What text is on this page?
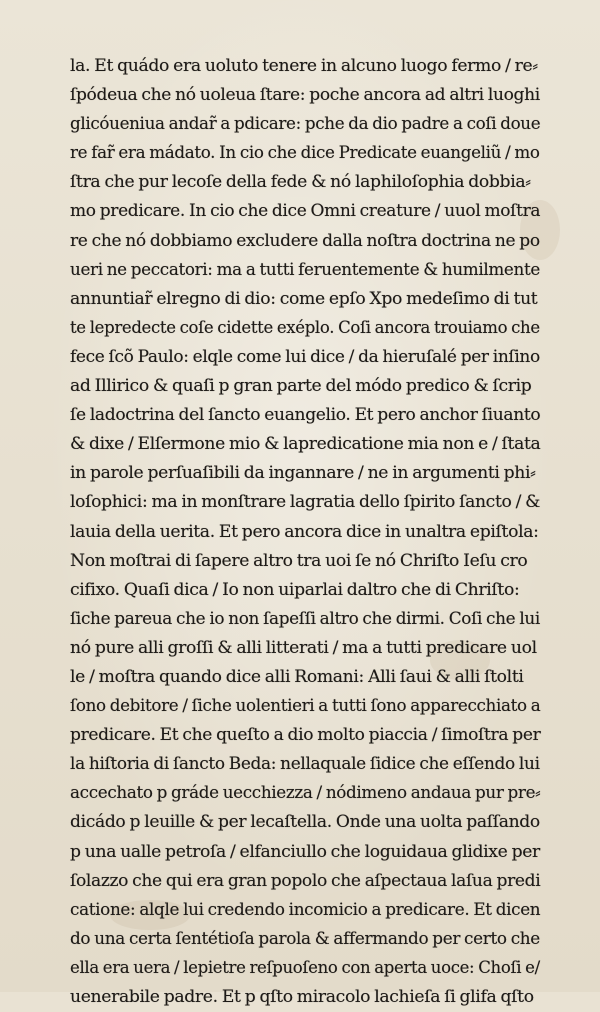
la. Et quádo era uoluto tenere in alcuno luogo fermo / re⸗
ſpódeua che nó uoleua ſtare: poche ancora ad altri luoghi
glicóueniua andar̃ a pdicare: pche da dio padre a coſi doue
re far̃ era mádato. In cio che dice Predicate euangeliũ / mo
ſtra che pur lecoſe della fede & nó laphiloſophia dobbia⸗
mo predicare. In cio che dice Omni creature / uuol moſtra
re che nó dobbiamo excludere dalla noſtra doctrina ne po
ueri ne peccatori: ma a tutti feruentemente & humilmente
annuntiar̃ elregno di dio: come epſo Xpo medeſimo di tut
te lepredecte coſe cidette exéplo. Coſi ancora trouiamo che
fece ſcõ Paulo: elqle come lui dice / da hieruſalé per inſino
ad Illirico & quaſi p gran parte del módo predico & ſcrip
ſe ladoctrina del ſancto euangelio. Et pero anchor ſiuanto
& dixe / Elſermone mio & lapredicatione mia non e / ſtata
in parole perſuaſibili da ingannare / ne in argumenti phi⸗
loſophici: ma in monſtrare lagratia dello ſpirito ſancto / &
lauia della uerita. Et pero ancora dice in unaltra epiſtola:
Non moſtrai di ſapere altro tra uoi ſe nó Chriſto Ieſu cro
cifixo. Quaſi dica / Io non uiparlai daltro che di Chriſto:
ſiche pareua che io non ſapeſſi altro che dirmi. Coſi che lui
nó pure alli groſſi & alli litterati / ma a tutti predicare uol
le / moſtra quando dice alli Romani: Alli ſaui & alli ſtolti
ſono debitore / ſiche uolentieri a tutti ſono apparecchiato a
predicare. Et che queſto a dio molto piaccia / ſimoſtra per
la hiſtoria di ſancto Beda: nellaquale ſidice che eſſendo lui
accechato p gráde uecchiezza / nódimeno andaua pur pre⸗
dicádo p leuille & per lecaſtella. Onde una uolta paſſando
p una ualle petroſa / elfanciullo che loguidaua glidixe per
ſolazzo che qui era gran popolo che aſpectaua laſua predi
catione: alqle lui credendo incomicio a predicare. Et dicen
do una certa ſentétioſa parola & affermando per certo che
ella era uera / lepietre reſpuoſeno con aperta uoce: Choſi e/
uenerabile padre. Et p qſto miracolo lachieſa ſi glifa qſto
